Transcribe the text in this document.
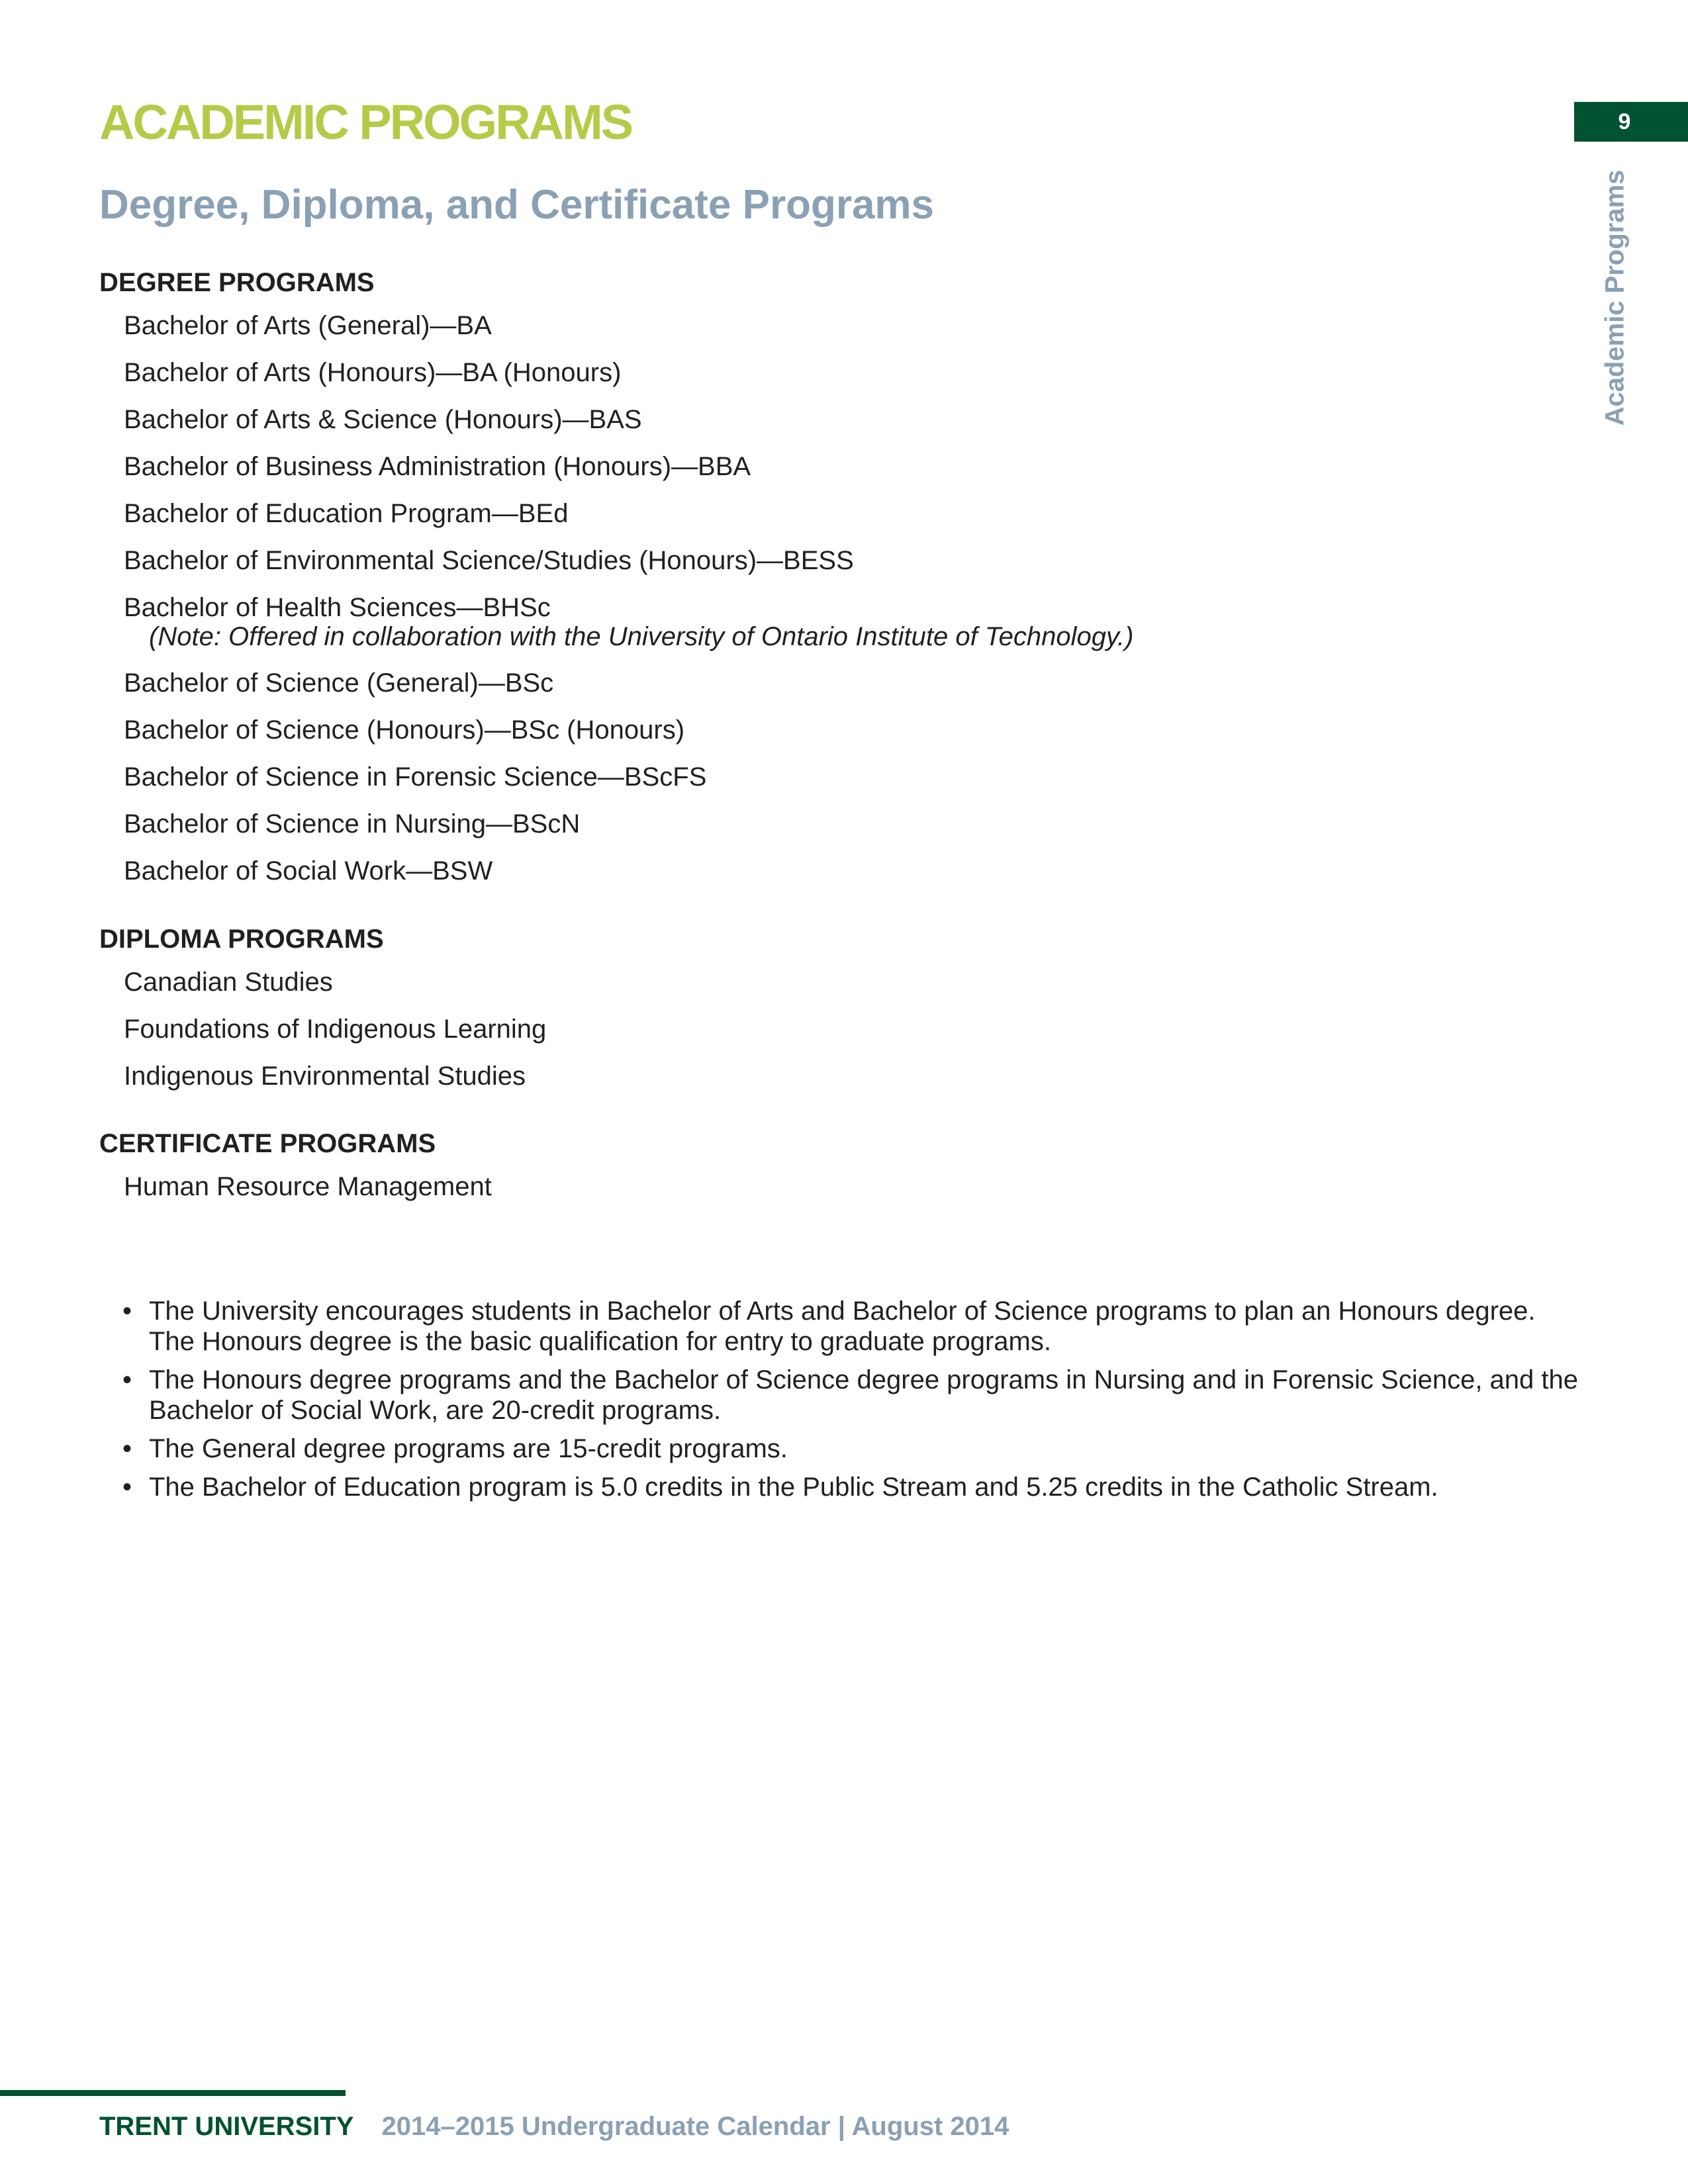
ACADEMIC PROGRAMS
Degree, Diploma, and Certificate Programs
9
Academic Programs
DEGREE PROGRAMS
Bachelor of Arts (General)—BA
Bachelor of Arts (Honours)—BA (Honours)
Bachelor of Arts & Science (Honours)—BAS
Bachelor of Business Administration (Honours)—BBA
Bachelor of Education Program—BEd
Bachelor of Environmental Science/Studies (Honours)—BESS
Bachelor of Health Sciences—BHSc
(Note: Offered in collaboration with the University of Ontario Institute of Technology.)
Bachelor of Science (General)—BSc
Bachelor of Science (Honours)—BSc (Honours)
Bachelor of Science in Forensic Science—BScFS
Bachelor of Science in Nursing—BScN
Bachelor of Social Work—BSW
DIPLOMA PROGRAMS
Canadian Studies
Foundations of Indigenous Learning
Indigenous Environmental Studies
CERTIFICATE PROGRAMS
Human Resource Management
• The University encourages students in Bachelor of Arts and Bachelor of Science programs to plan an Honours degree. The Honours degree is the basic qualification for entry to graduate programs.
• The Honours degree programs and the Bachelor of Science degree programs in Nursing and in Forensic Science, and the Bachelor of Social Work, are 20-credit programs.
• The General degree programs are 15-credit programs.
• The Bachelor of Education program is 5.0 credits in the Public Stream and 5.25 credits in the Catholic Stream.
TRENT UNIVERSITY 2014–2015 Undergraduate Calendar | August 2014
